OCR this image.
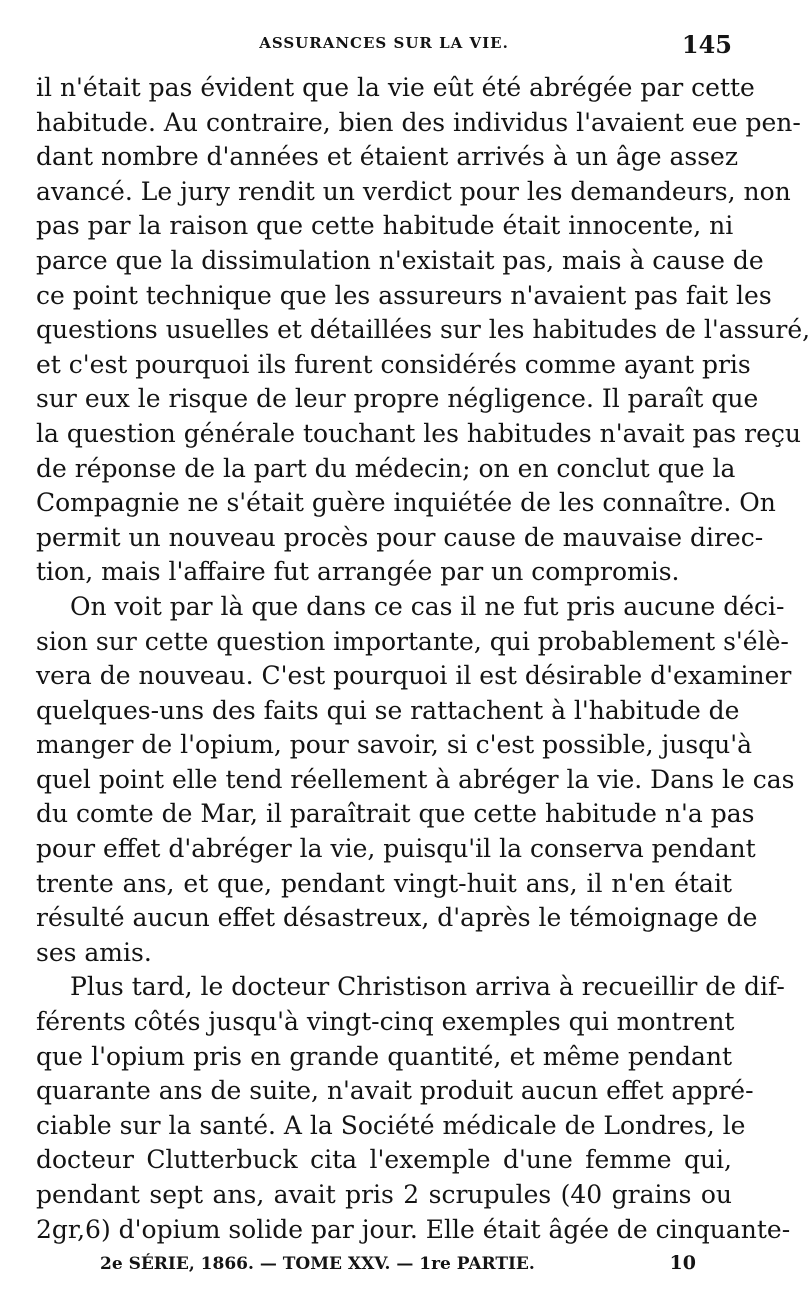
ASSURANCES SUR LA VIE.	145
il n'était pas évident que la vie eût été abrégée par cette
habitude. Au contraire, bien des individus l'avaient eue pen-
dant nombre d'années et étaient arrivés à un âge assez
avancé. Le jury rendit un verdict pour les demandeurs, non
pas par la raison que cette habitude était innocente, ni
parce que la dissimulation n'existait pas, mais à cause de
ce point technique que les assureurs n'avaient pas fait les
questions usuelles et détaillées sur les habitudes de l'assuré,
et c'est pourquoi ils furent considérés comme ayant pris
sur eux le risque de leur propre négligence. Il paraît que
la question générale touchant les habitudes n'avait pas reçu
de réponse de la part du médecin; on en conclut que la
Compagnie ne s'était guère inquiétée de les connaître. On
permit un nouveau procès pour cause de mauvaise direc-
tion, mais l'affaire fut arrangée par un compromis.
On voit par là que dans ce cas il ne fut pris aucune déci-
sion sur cette question importante, qui probablement s'élè-
vera de nouveau. C'est pourquoi il est désirable d'examiner
quelques-uns des faits qui se rattachent à l'habitude de
manger de l'opium, pour savoir, si c'est possible, jusqu'à
quel point elle tend réellement à abréger la vie. Dans le cas
du comte de Mar, il paraîtrait que cette habitude n'a pas
pour effet d'abréger la vie, puisqu'il la conserva pendant
trente ans, et que, pendant vingt-huit ans, il n'en était
résulté aucun effet désastreux, d'après le témoignage de
ses amis.
Plus tard, le docteur Christison arriva à recueillir de dif-
férents côtés jusqu'à vingt-cinq exemples qui montrent
que l'opium pris en grande quantité, et même pendant
quarante ans de suite, n'avait produit aucun effet appré-
ciable sur la santé. A la Société médicale de Londres, le
docteur Clutterbuck cita l'exemple d'une femme qui,
pendant sept ans, avait pris 2 scrupules (40 grains ou
2gr,6) d'opium solide par jour. Elle était âgée de cinquante-
2e SÉRIE, 1866. — TOME XXV. — 1re PARTIE.	10
